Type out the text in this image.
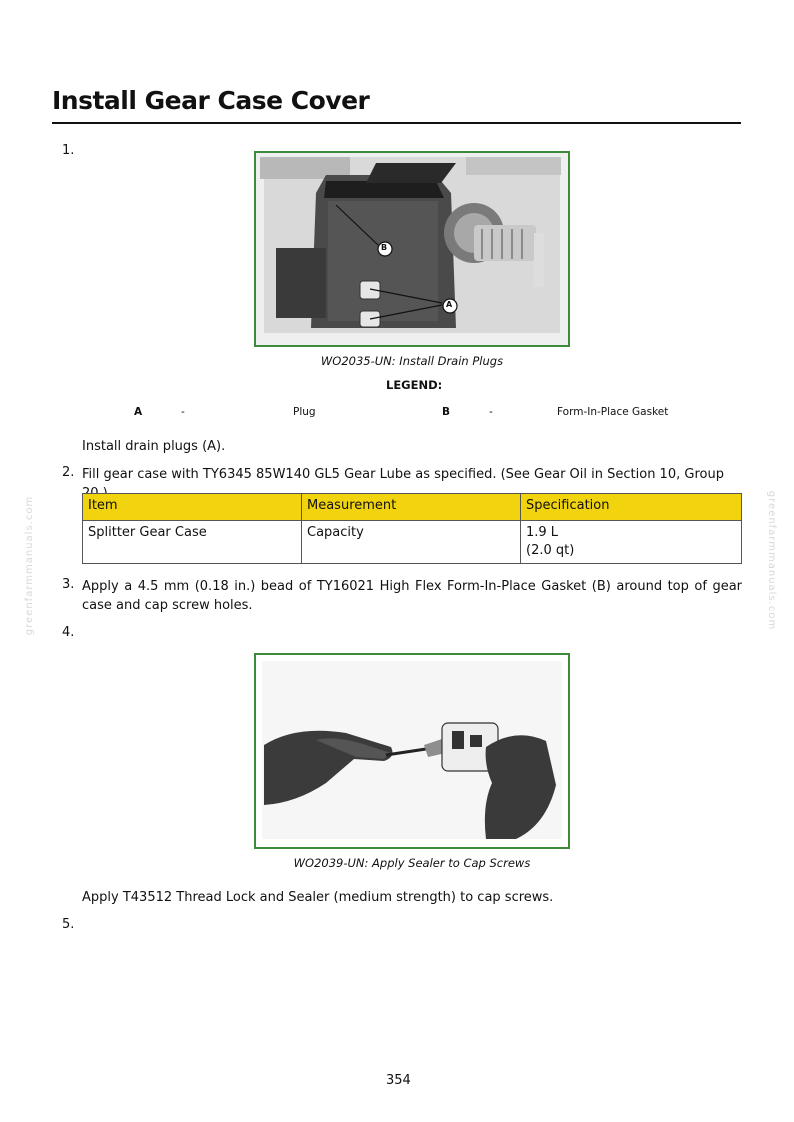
greenfarmmanuals.com	greenfarmmanuals.com
Install Gear Case Cover
1.
B
A
WO2035-UN: Install Drain Plugs
LEGEND:
A	-	Plug	B	-	Form-In-Place Gasket
Install drain plugs (A).
2. Fill gear case with TY6345 85W140 GL5 Gear Lube as specified. (See Gear Oil in Section 10, Group
Item	Measurement	Specification
Splitter Gear Case	Capacity	1.9 L
(2.0 qt)
3. Apply a 4.5 mm (0.18 in.) bead of TY16021 High Flex Form-In-Place Gasket (B) around top of gear case and cap screw holes.
4.
WO2039-UN: Apply Sealer to Cap Screws
Apply T43512 Thread Lock and Sealer (medium strength) to cap screws.
5.
354
